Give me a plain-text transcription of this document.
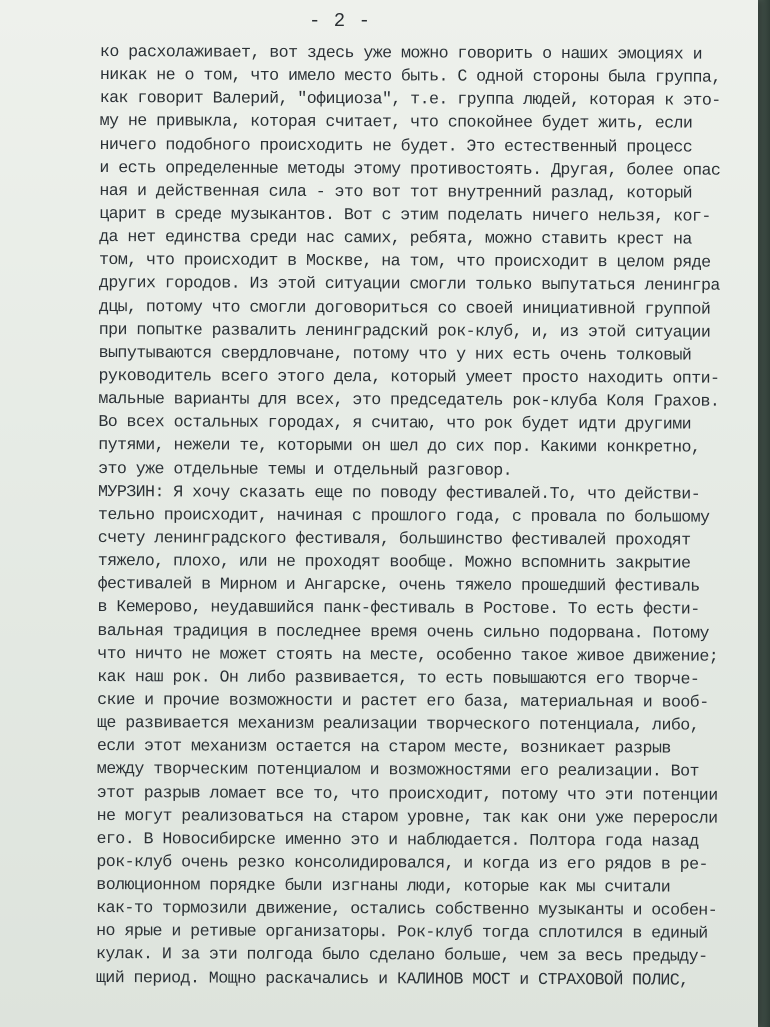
- 2 -
ко расхолаживает, вот здесь уже можно говорить о наших эмоциях и
никак не о том, что имело место быть. С одной стороны была группа,
как говорит Валерий, "официоза", т.е. группа людей, которая к это-
му не привыкла, которая считает, что спокойнее будет жить, если
ничего подобного происходить не будет. Это естественный процесс
и есть определенные методы этому противостоять. Другая, более опас
ная и действенная сила - это вот тот внутренний разлад, который
царит в среде музыкантов. Вот с этим поделать ничего нельзя, ког-
да нет единства среди нас самих, ребята, можно ставить крест на
том, что происходит в Москве, на том, что происходит в целом ряде
других городов. Из этой ситуации смогли только выпутаться ленингра
дцы, потому что смогли договориться со своей инициативной группой
при попытке развалить ленинградский рок-клуб, и, из этой ситуации
выпутываются свердловчане, потому что у них есть очень толковый
руководитель всего этого дела, который умеет просто находить опти-
мальные варианты для всех, это председатель рок-клуба Коля Грахов.
Во всех остальных городах, я считаю, что рок будет идти другими
путями, нежели те, которыми он шел до сих пор. Какими конкретно,
это уже отдельные темы и отдельный разговор.
МУРЗИН: Я хочу сказать еще по поводу фестивалей.То, что действи-
тельно происходит, начиная с прошлого года, с провала по большому
счету ленинградского фестиваля, большинство фестивалей проходят
тяжело, плохо, или не проходят вообще. Можно вспомнить закрытие
фестивалей в Мирном и Ангарске, очень тяжело прошедший фестиваль
в Кемерово, неудавшийся панк-фестиваль в Ростове. То есть фести-
вальная традиция в последнее время очень сильно подорвана. Потому
что ничто не может стоять на месте, особенно такое живое движение;
как наш рок. Он либо развивается, то есть повышаются его творче-
ские и прочие возможности и растет его база, материальная и вооб-
ще развивается механизм реализации творческого потенциала, либо,
если этот механизм остается на старом месте, возникает разрыв
между творческим потенциалом и возможностями его реализации. Вот
этот разрыв ломает все то, что происходит, потому что эти потенции
не могут реализоваться на старом уровне, так как они уже переросли
его. В Новосибирске именно это и наблюдается. Полтора года назад
рок-клуб очень резко консолидировался, и когда из его рядов в ре-
волюционном порядке были изгнаны люди, которые как мы считали
как-то тормозили движение, остались собственно музыканты и особен-
но ярые и ретивые организаторы. Рок-клуб тогда сплотился в единый
кулак. И за эти полгода было сделано больше, чем за весь предыду-
щий период. Мощно раскачались и КАЛИНОВ МОСТ и СТРАХОВОЙ ПОЛИС,
